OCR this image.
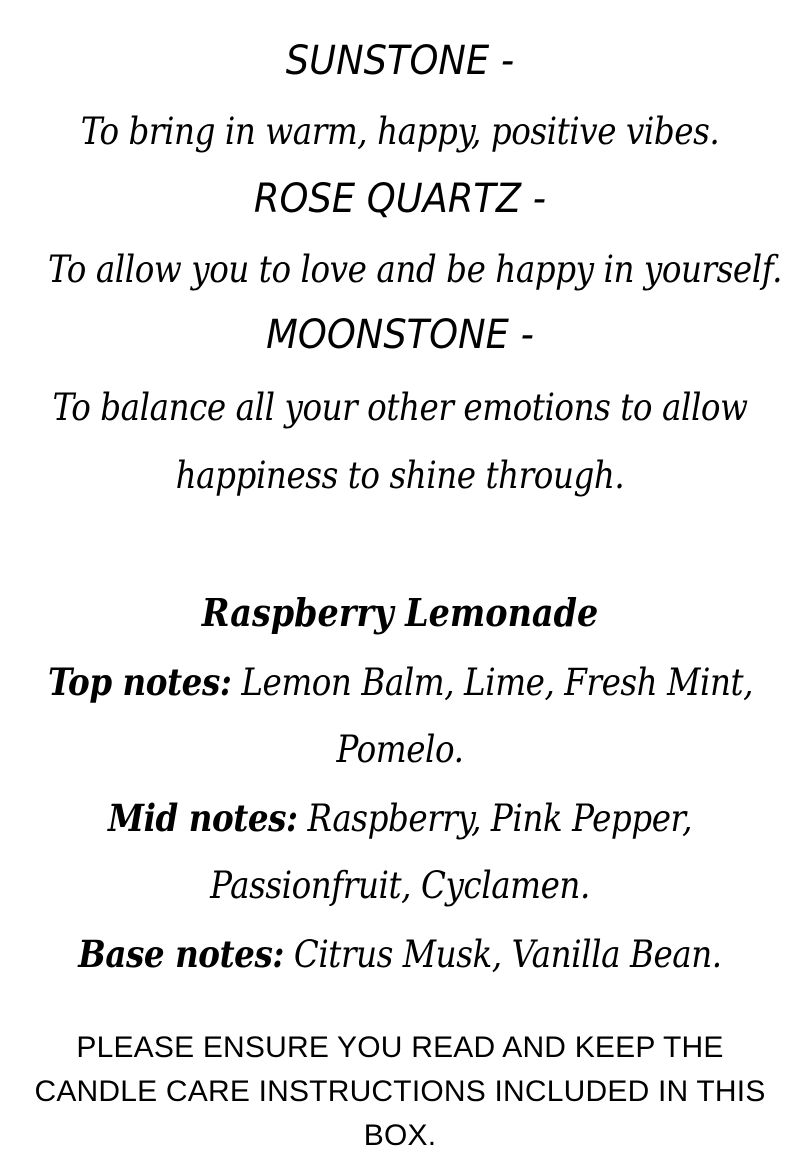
SUNSTONE -
To bring in warm, happy, positive vibes.
ROSE QUARTZ -
To allow you to love and be happy in yourself.
MOONSTONE -
To balance all your other emotions to allow
happiness to shine through.
Raspberry Lemonade
Top notes: Lemon Balm, Lime, Fresh Mint,
Pomelo.
Mid notes: Raspberry, Pink Pepper,
Passionfruit, Cyclamen.
Base notes: Citrus Musk, Vanilla Bean.
PLEASE ENSURE YOU READ AND KEEP THE CANDLE CARE INSTRUCTIONS INCLUDED IN THIS BOX.
